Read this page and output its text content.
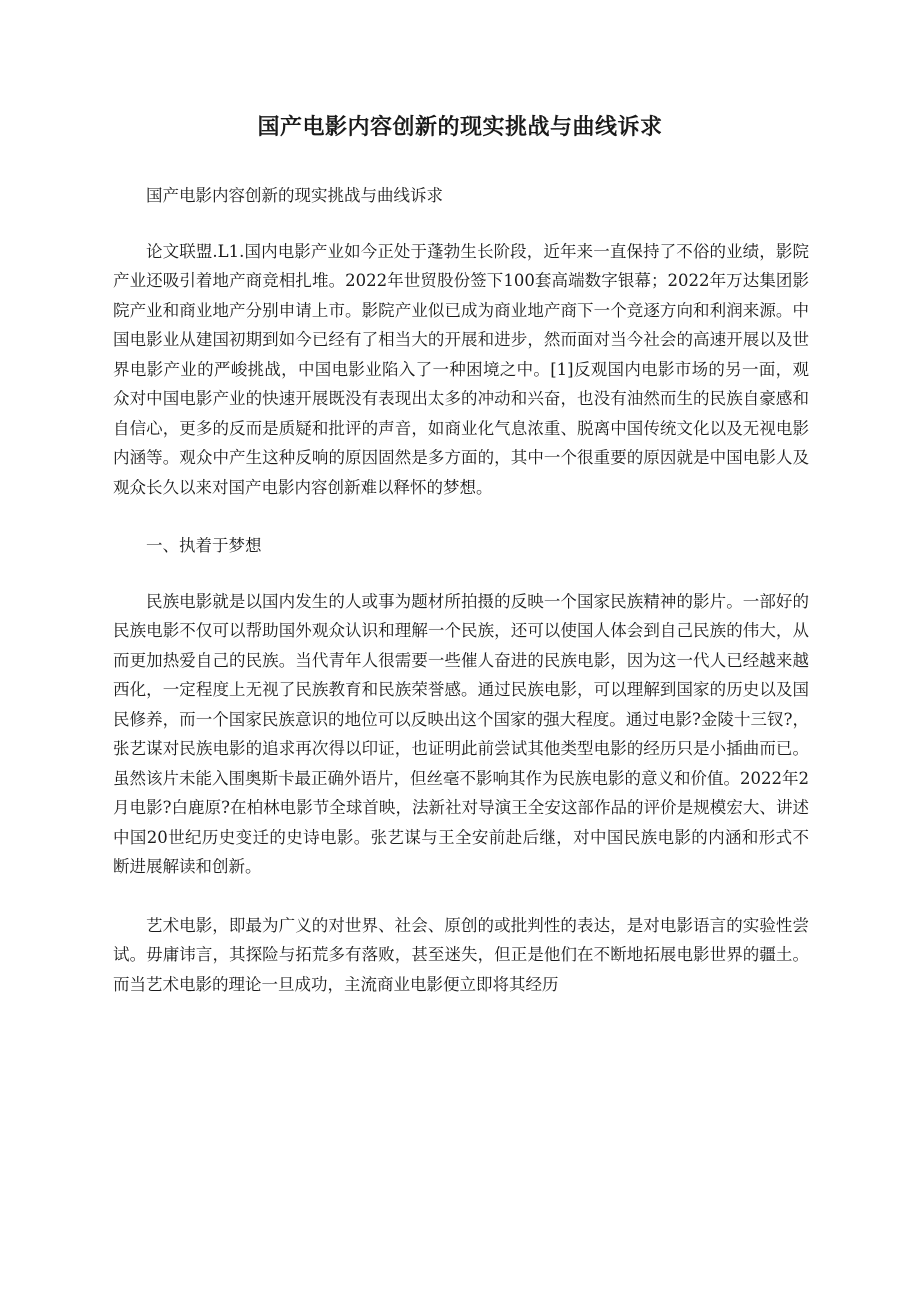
国产电影内容创新的现实挑战与曲线诉求

国产电影内容创新的现实挑战与曲线诉求

论文联盟.L1.国内电影产业如今正处于蓬勃生长阶段，近年来一直保持了不俗的业绩，影院产业还吸引着地产商竞相扎堆。2022年世贸股份签下100套高端数字银幕；2022年万达集团影院产业和商业地产分别申请上市。影院产业似已成为商业地产商下一个竞逐方向和利润来源。中国电影业从建国初期到如今已经有了相当大的开展和进步，然而面对当今社会的高速开展以及世界电影产业的严峻挑战，中国电影业陷入了一种困境之中。[1]反观国内电影市场的另一面，观众对中国电影产业的快速开展既没有表现出太多的冲动和兴奋，也没有油然而生的民族自豪感和自信心，更多的反而是质疑和批评的声音，如商业化气息浓重、脱离中国传统文化以及无视电影内涵等。观众中产生这种反响的原因固然是多方面的，其中一个很重要的原因就是中国电影人及观众长久以来对国产电影内容创新难以释怀的梦想。

一、执着于梦想

民族电影就是以国内发生的人或事为题材所拍摄的反映一个国家民族精神的影片。一部好的民族电影不仅可以帮助国外观众认识和理解一个民族，还可以使国人体会到自己民族的伟大，从而更加热爱自己的民族。当代青年人很需要一些催人奋进的民族电影，因为这一代人已经越来越西化，一定程度上无视了民族教育和民族荣誉感。通过民族电影，可以理解到国家的历史以及国民修养，而一个国家民族意识的地位可以反映出这个国家的强大程度。通过电影?金陵十三钗?，张艺谋对民族电影的追求再次得以印证，也证明此前尝试其他类型电影的经历只是小插曲而已。虽然该片未能入围奥斯卡最正确外语片，但丝毫不影响其作为民族电影的意义和价值。2022年2月电影?白鹿原?在柏林电影节全球首映，法新社对导演王全安这部作品的评价是规模宏大、讲述中国20世纪历史变迁的史诗电影。张艺谋与王全安前赴后继，对中国民族电影的内涵和形式不断进展解读和创新。

艺术电影，即最为广义的对世界、社会、原创的或批判性的表达，是对电影语言的实验性尝试。毋庸讳言，其探险与拓荒多有落败，甚至迷失，但正是他们在不断地拓展电影世界的疆土。而当艺术电影的理论一旦成功，主流商业电影便立即将其经历
